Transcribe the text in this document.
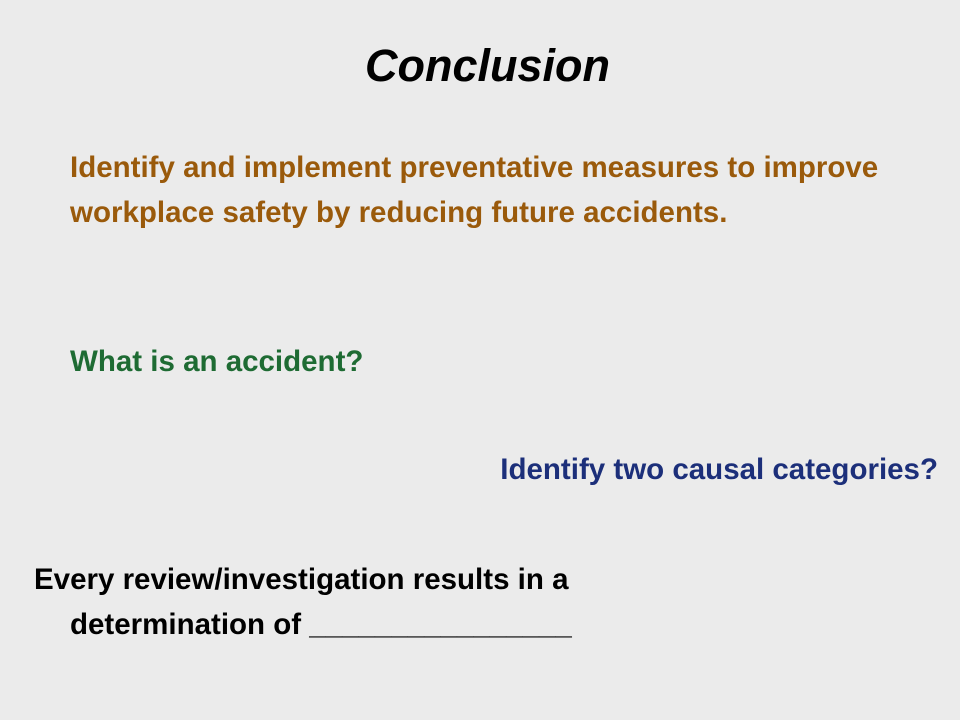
Conclusion
Identify and implement preventative measures to improve workplace safety by reducing future accidents.
What is an accident?
Identify two causal categories?
Every review/investigation results in a
determination of ________________
